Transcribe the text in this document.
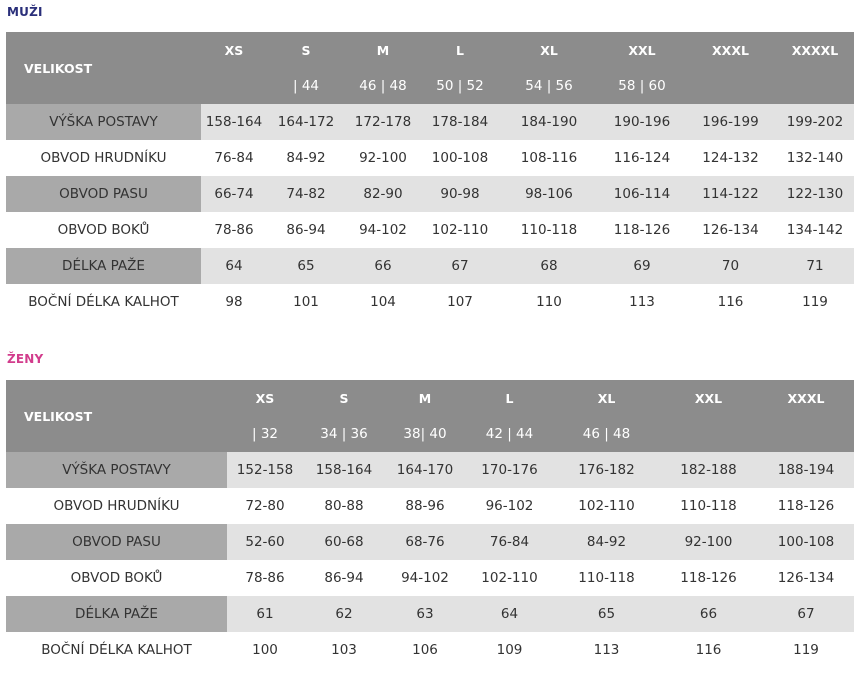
MUŽI
VELIKOST	XS	S	M	L	XL	XXL	XXXL	XXXXL
		| 44	46 | 48	50 | 52	54 | 56	58 | 60		
VÝŠKA POSTAVY	158-164	164-172	172-178	178-184	184-190	190-196	196-199	199-202
OBVOD HRUDNÍKU	76-84	84-92	92-100	100-108	108-116	116-124	124-132	132-140
OBVOD PASU	66-74	74-82	82-90	90-98	98-106	106-114	114-122	122-130
OBVOD BOKŮ	78-86	86-94	94-102	102-110	110-118	118-126	126-134	134-142
DÉLKA PAŽE	64	65	66	67	68	69	70	71
BOČNÍ DÉLKA KALHOT	98	101	104	107	110	113	116	119
ŽENY
VELIKOST	XS	S	M	L	XL	XXL	XXXL
	| 32	34 | 36	38| 40	42 | 44	46 | 48		
VÝŠKA POSTAVY	152-158	158-164	164-170	170-176	176-182	182-188	188-194
OBVOD HRUDNÍKU	72-80	80-88	88-96	96-102	102-110	110-118	118-126
OBVOD PASU	52-60	60-68	68-76	76-84	84-92	92-100	100-108
OBVOD BOKŮ	78-86	86-94	94-102	102-110	110-118	118-126	126-134
DÉLKA PAŽE	61	62	63	64	65	66	67
BOČNÍ DÉLKA KALHOT	100	103	106	109	113	116	119
